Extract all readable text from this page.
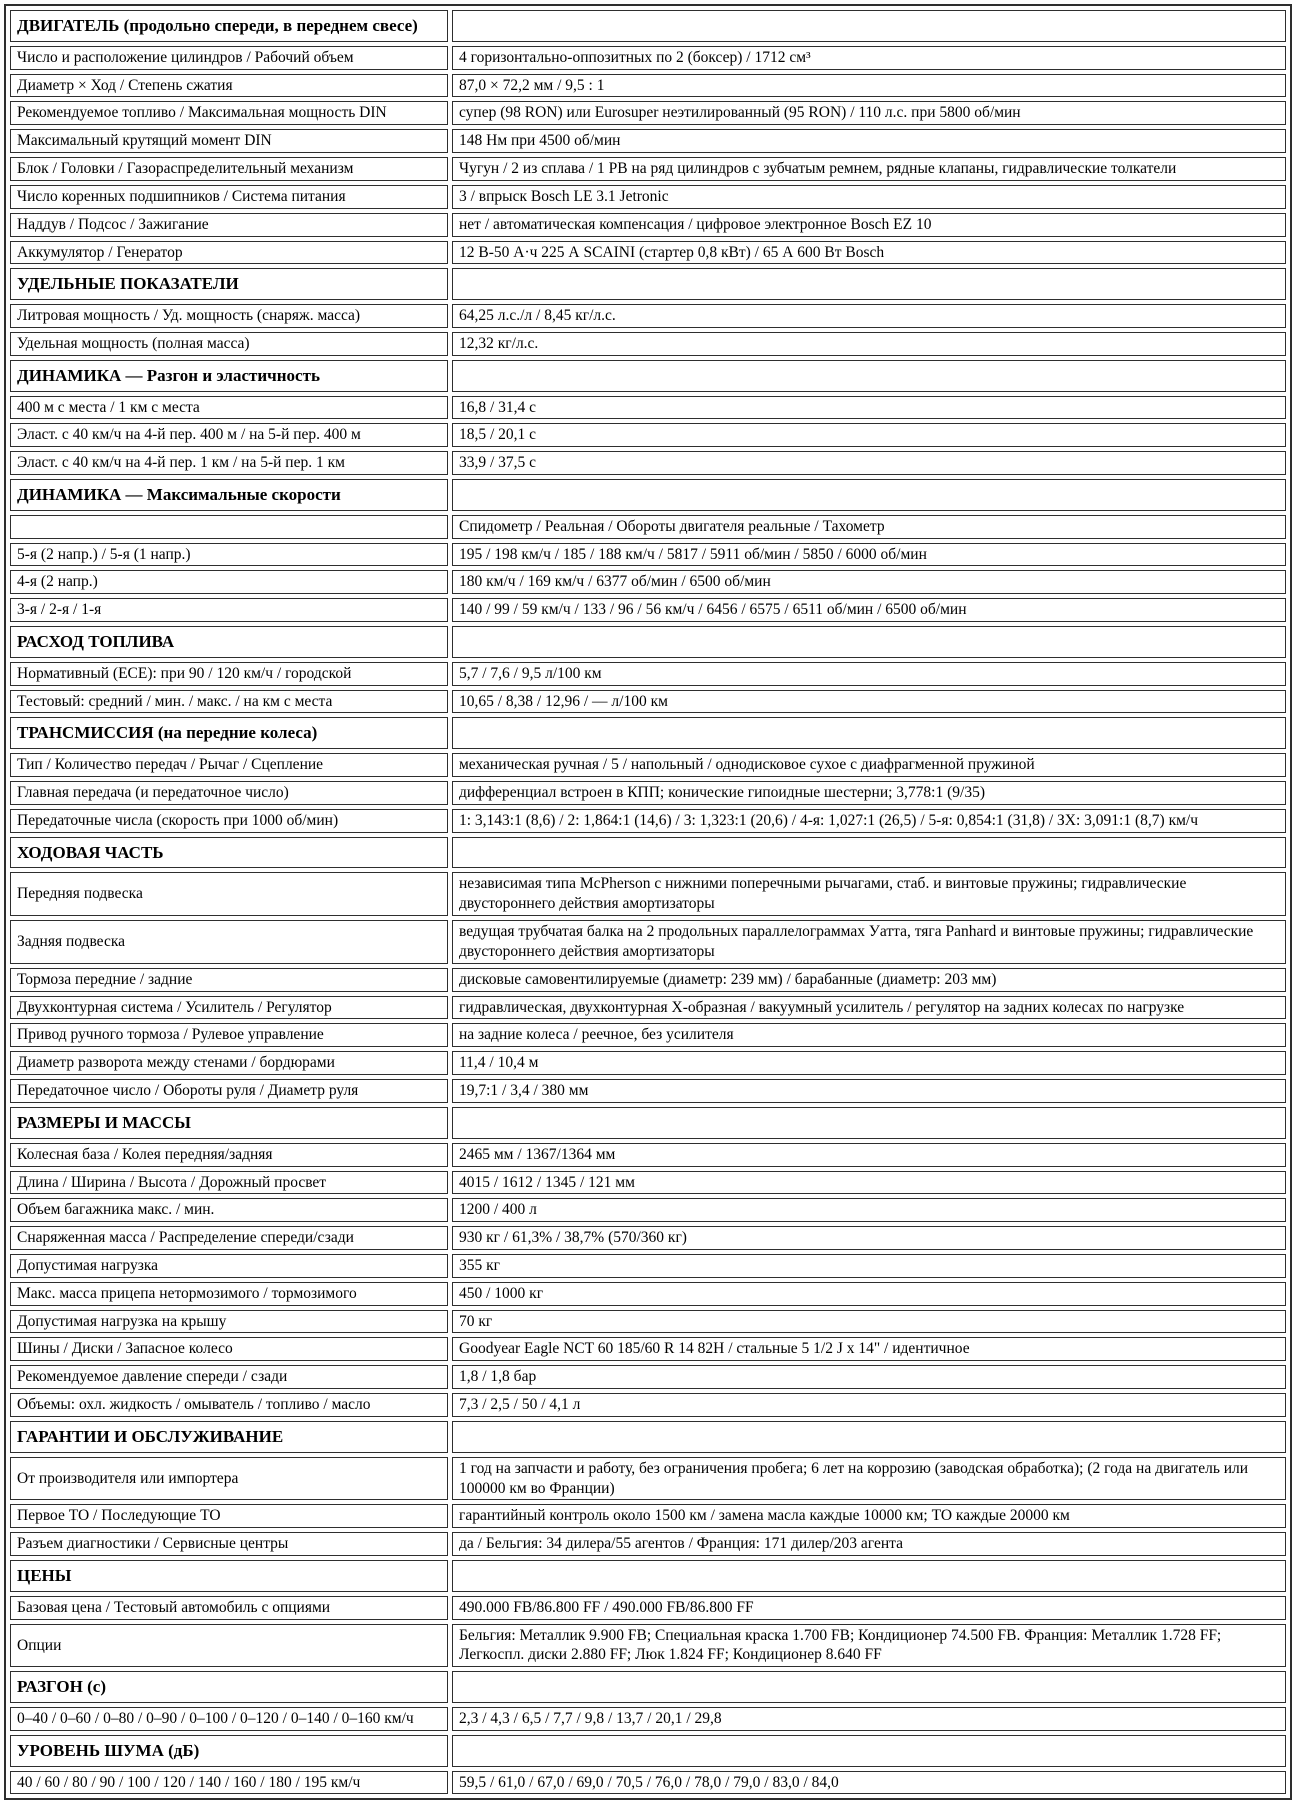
ДВИГАТЕЛЬ (продольно спереди, в переднем свесе)	
Число и расположение цилиндров / Рабочий объем	4 горизонтально-оппозитных по 2 (боксер) / 1712 см³
Диаметр × Ход / Степень сжатия	87,0 × 72,2 мм / 9,5 : 1
Рекомендуемое топливо / Максимальная мощность DIN	супер (98 RON) или Eurosuper неэтилированный (95 RON) / 110 л.с. при 5800 об/мин
Максимальный крутящий момент DIN	148 Нм при 4500 об/мин
Блок / Головки / Газораспределительный механизм	Чугун / 2 из сплава / 1 РВ на ряд цилиндров с зубчатым ремнем, рядные клапаны, гидравлические толкатели
Число коренных подшипников / Система питания	3 / впрыск Bosch LE 3.1 Jetronic
Наддув / Подсос / Зажигание	нет / автоматическая компенсация / цифровое электронное Bosch EZ 10
Аккумулятор / Генератор	12 В-50 А·ч 225 А SCAINI (стартер 0,8 кВт) / 65 А 600 Вт Bosch
УДЕЛЬНЫЕ ПОКАЗАТЕЛИ	
Литровая мощность / Уд. мощность (снаряж. масса)	64,25 л.с./л / 8,45 кг/л.с.
Удельная мощность (полная масса)	12,32 кг/л.с.
ДИНАМИКА — Разгон и эластичность	
400 м с места / 1 км с места	16,8 / 31,4 с
Эласт. с 40 км/ч на 4-й пер. 400 м / на 5-й пер. 400 м	18,5 / 20,1 с
Эласт. с 40 км/ч на 4-й пер. 1 км / на 5-й пер. 1 км	33,9 / 37,5 с
ДИНАМИКА — Максимальные скорости	
	Спидометр / Реальная / Обороты двигателя реальные / Тахометр
5-я (2 напр.) / 5-я (1 напр.)	195 / 198 км/ч / 185 / 188 км/ч / 5817 / 5911 об/мин / 5850 / 6000 об/мин
4-я (2 напр.)	180 км/ч / 169 км/ч / 6377 об/мин / 6500 об/мин
3-я / 2-я / 1-я	140 / 99 / 59 км/ч / 133 / 96 / 56 км/ч / 6456 / 6575 / 6511 об/мин / 6500 об/мин
РАСХОД ТОПЛИВА	
Нормативный (ECE): при 90 / 120 км/ч / городской	5,7 / 7,6 / 9,5 л/100 км
Тестовый: средний / мин. / макс. / на км с места	10,65 / 8,38 / 12,96 / — л/100 км
ТРАНСМИССИЯ (на передние колеса)	
Тип / Количество передач / Рычаг / Сцепление	механическая ручная / 5 / напольный / однодисковое сухое с диафрагменной пружиной
Главная передача (и передаточное число)	дифференциал встроен в КПП; конические гипоидные шестерни; 3,778:1 (9/35)
Передаточные числа (скорость при 1000 об/мин)	1: 3,143:1 (8,6) / 2: 1,864:1 (14,6) / 3: 1,323:1 (20,6) / 4-я: 1,027:1 (26,5) / 5-я: 0,854:1 (31,8) / ЗХ: 3,091:1 (8,7) км/ч
ХОДОВАЯ ЧАСТЬ	
Передняя подвеска	независимая типа McPherson с нижними поперечными рычагами, стаб. и винтовые пружины; гидравлические двустороннего действия амортизаторы
Задняя подвеска	ведущая трубчатая балка на 2 продольных параллелограммах Уатта, тяга Panhard и винтовые пружины; гидравлические двустороннего действия амортизаторы
Тормоза передние / задние	дисковые самовентилируемые (диаметр: 239 мм) / барабанные (диаметр: 203 мм)
Двухконтурная система / Усилитель / Регулятор	гидравлическая, двухконтурная Х-образная / вакуумный усилитель / регулятор на задних колесах по нагрузке
Привод ручного тормоза / Рулевое управление	на задние колеса / реечное, без усилителя
Диаметр разворота между стенами / бордюрами	11,4 / 10,4 м
Передаточное число / Обороты руля / Диаметр руля	19,7:1 / 3,4 / 380 мм
РАЗМЕРЫ И МАССЫ	
Колесная база / Колея передняя/задняя	2465 мм / 1367/1364 мм
Длина / Ширина / Высота / Дорожный просвет	4015 / 1612 / 1345 / 121 мм
Объем багажника макс. / мин.	1200 / 400 л
Снаряженная масса / Распределение спереди/сзади	930 кг / 61,3% / 38,7% (570/360 кг)
Допустимая нагрузка	355 кг
Макс. масса прицепа нетормозимого / тормозимого	450 / 1000 кг
Допустимая нагрузка на крышу	70 кг
Шины / Диски / Запасное колесо	Goodyear Eagle NCT 60 185/60 R 14 82H / стальные 5 1/2 J x 14" / идентичное
Рекомендуемое давление спереди / сзади	1,8 / 1,8 бар
Объемы: охл. жидкость / омыватель / топливо / масло	7,3 / 2,5 / 50 / 4,1 л
ГАРАНТИИ И ОБСЛУЖИВАНИЕ	
От производителя или импортера	1 год на запчасти и работу, без ограничения пробега; 6 лет на коррозию (заводская обработка); (2 года на двигатель или 100000 км во Франции)
Первое ТО / Последующие ТО	гарантийный контроль около 1500 км / замена масла каждые 10000 км; ТО каждые 20000 км
Разъем диагностики / Сервисные центры	да / Бельгия: 34 дилера/55 агентов / Франция: 171 дилер/203 агента
ЦЕНЫ	
Базовая цена / Тестовый автомобиль с опциями	490.000 FB/86.800 FF / 490.000 FB/86.800 FF
Опции	Бельгия: Металлик 9.900 FB; Специальная краска 1.700 FB; Кондиционер 74.500 FB. Франция: Металлик 1.728 FF; Легкоспл. диски 2.880 FF; Люк 1.824 FF; Кондиционер 8.640 FF
РАЗГОН (с)	
0–40 / 0–60 / 0–80 / 0–90 / 0–100 / 0–120 / 0–140 / 0–160 км/ч	2,3 / 4,3 / 6,5 / 7,7 / 9,8 / 13,7 / 20,1 / 29,8
УРОВЕНЬ ШУМА (дБ)	
40 / 60 / 80 / 90 / 100 / 120 / 140 / 160 / 180 / 195 км/ч	59,5 / 61,0 / 67,0 / 69,0 / 70,5 / 76,0 / 78,0 / 79,0 / 83,0 / 84,0
